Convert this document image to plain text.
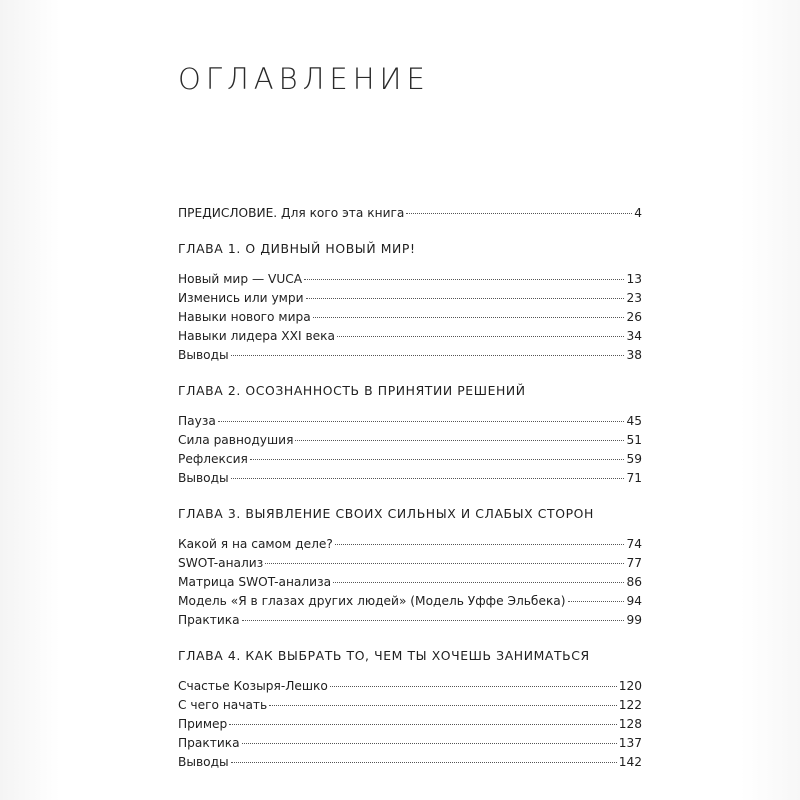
ОГЛАВЛЕНИЕ
ПРЕДИСЛОВИЕ. Для кого эта книга	4
ГЛАВА 1. О ДИВНЫЙ НОВЫЙ МИР!
Новый мир — VUCA	13
Изменись или умри	23
Навыки нового мира	26
Навыки лидера XXI века	34
Выводы	38
ГЛАВА 2. ОСОЗНАННОСТЬ В ПРИНЯТИИ РЕШЕНИЙ
Пауза	45
Сила равнодушия	51
Рефлексия	59
Выводы	71
ГЛАВА 3. ВЫЯВЛЕНИЕ СВОИХ СИЛЬНЫХ И СЛАБЫХ СТОРОН
Какой я на самом деле?	74
SWOT-анализ	77
Матрица SWOT-анализа	86
Модель «Я в глазах других людей» (Модель Уффе Эльбека)	94
Практика	99
ГЛАВА 4. КАК ВЫБРАТЬ ТО, ЧЕМ ТЫ ХОЧЕШЬ ЗАНИМАТЬСЯ
Счастье Козыря-Лешко	120
С чего начать	122
Пример	128
Практика	137
Выводы	142
